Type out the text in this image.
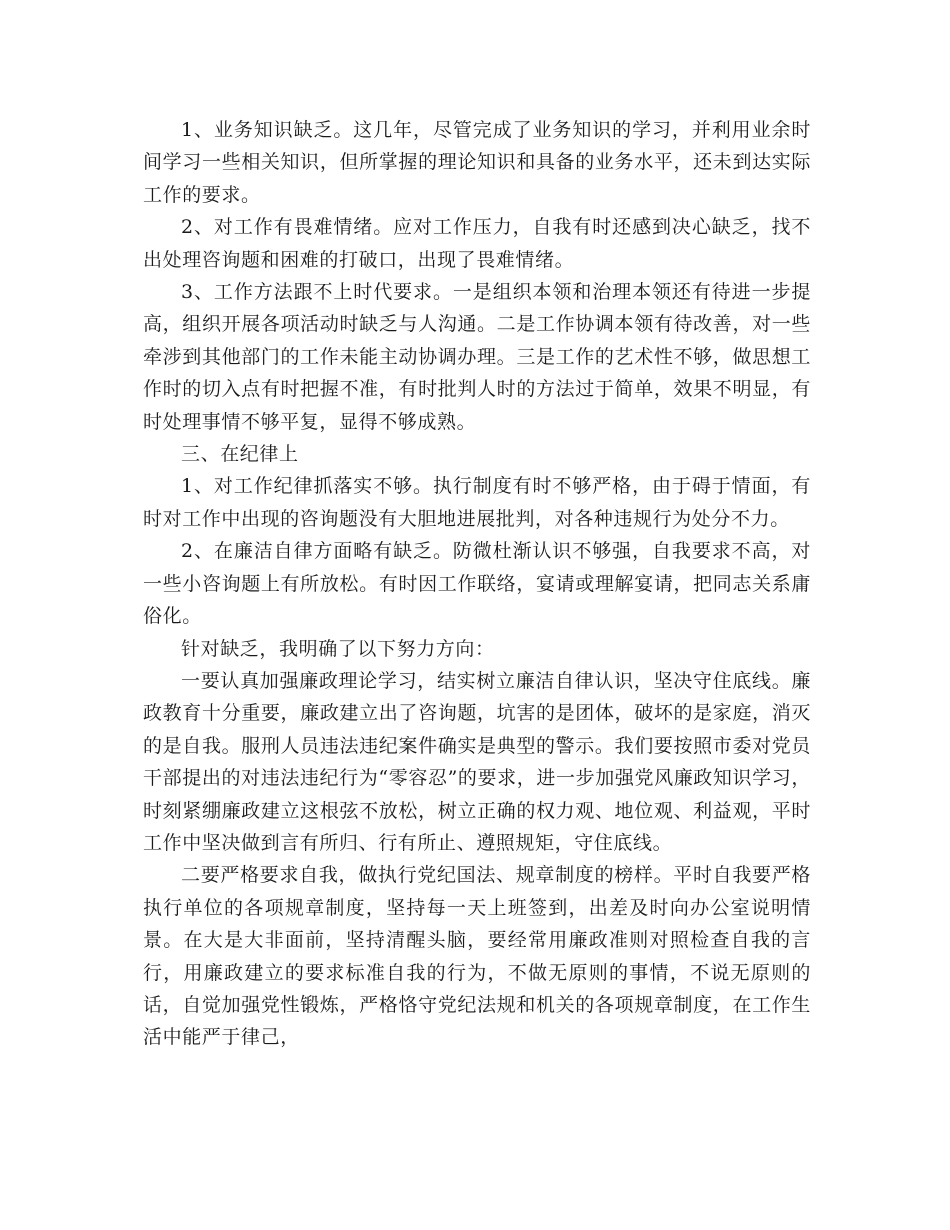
1、业务知识缺乏。这几年，尽管完成了业务知识的学习，并利用业余时间学习一些相关知识，但所掌握的理论知识和具备的业务水平，还未到达实际工作的要求。

2、对工作有畏难情绪。应对工作压力，自我有时还感到决心缺乏，找不出处理咨询题和困难的打破口，出现了畏难情绪。

3、工作方法跟不上时代要求。一是组织本领和治理本领还有待进一步提高，组织开展各项活动时缺乏与人沟通。二是工作协调本领有待改善，对一些牵涉到其他部门的工作未能主动协调办理。三是工作的艺术性不够，做思想工作时的切入点有时把握不准，有时批判人时的方法过于简单，效果不明显，有时处理事情不够平复，显得不够成熟。

三、在纪律上

1、对工作纪律抓落实不够。执行制度有时不够严格，由于碍于情面，有时对工作中出现的咨询题没有大胆地进展批判，对各种违规行为处分不力。

2、在廉洁自律方面略有缺乏。防微杜渐认识不够强，自我要求不高，对一些小咨询题上有所放松。有时因工作联络，宴请或理解宴请，把同志关系庸俗化。

针对缺乏，我明确了以下努力方向：

一要认真加强廉政理论学习，结实树立廉洁自律认识，坚决守住底线。廉政教育十分重要，廉政建立出了咨询题，坑害的是团体，破坏的是家庭，消灭的是自我。服刑人员违法违纪案件确实是典型的警示。我们要按照市委对党员干部提出的对违法违纪行为“零容忍”的要求，进一步加强党风廉政知识学习，时刻紧绷廉政建立这根弦不放松，树立正确的权力观、地位观、利益观，平时工作中坚决做到言有所归、行有所止、遵照规矩，守住底线。

二要严格要求自我，做执行党纪国法、规章制度的榜样。平时自我要严格执行单位的各项规章制度，坚持每一天上班签到，出差及时向办公室说明情景。在大是大非面前，坚持清醒头脑，要经常用廉政准则对照检查自我的言行，用廉政建立的要求标准自我的行为，不做无原则的事情，不说无原则的话，自觉加强党性锻炼，严格恪守党纪法规和机关的各项规章制度，在工作生活中能严于律己，
